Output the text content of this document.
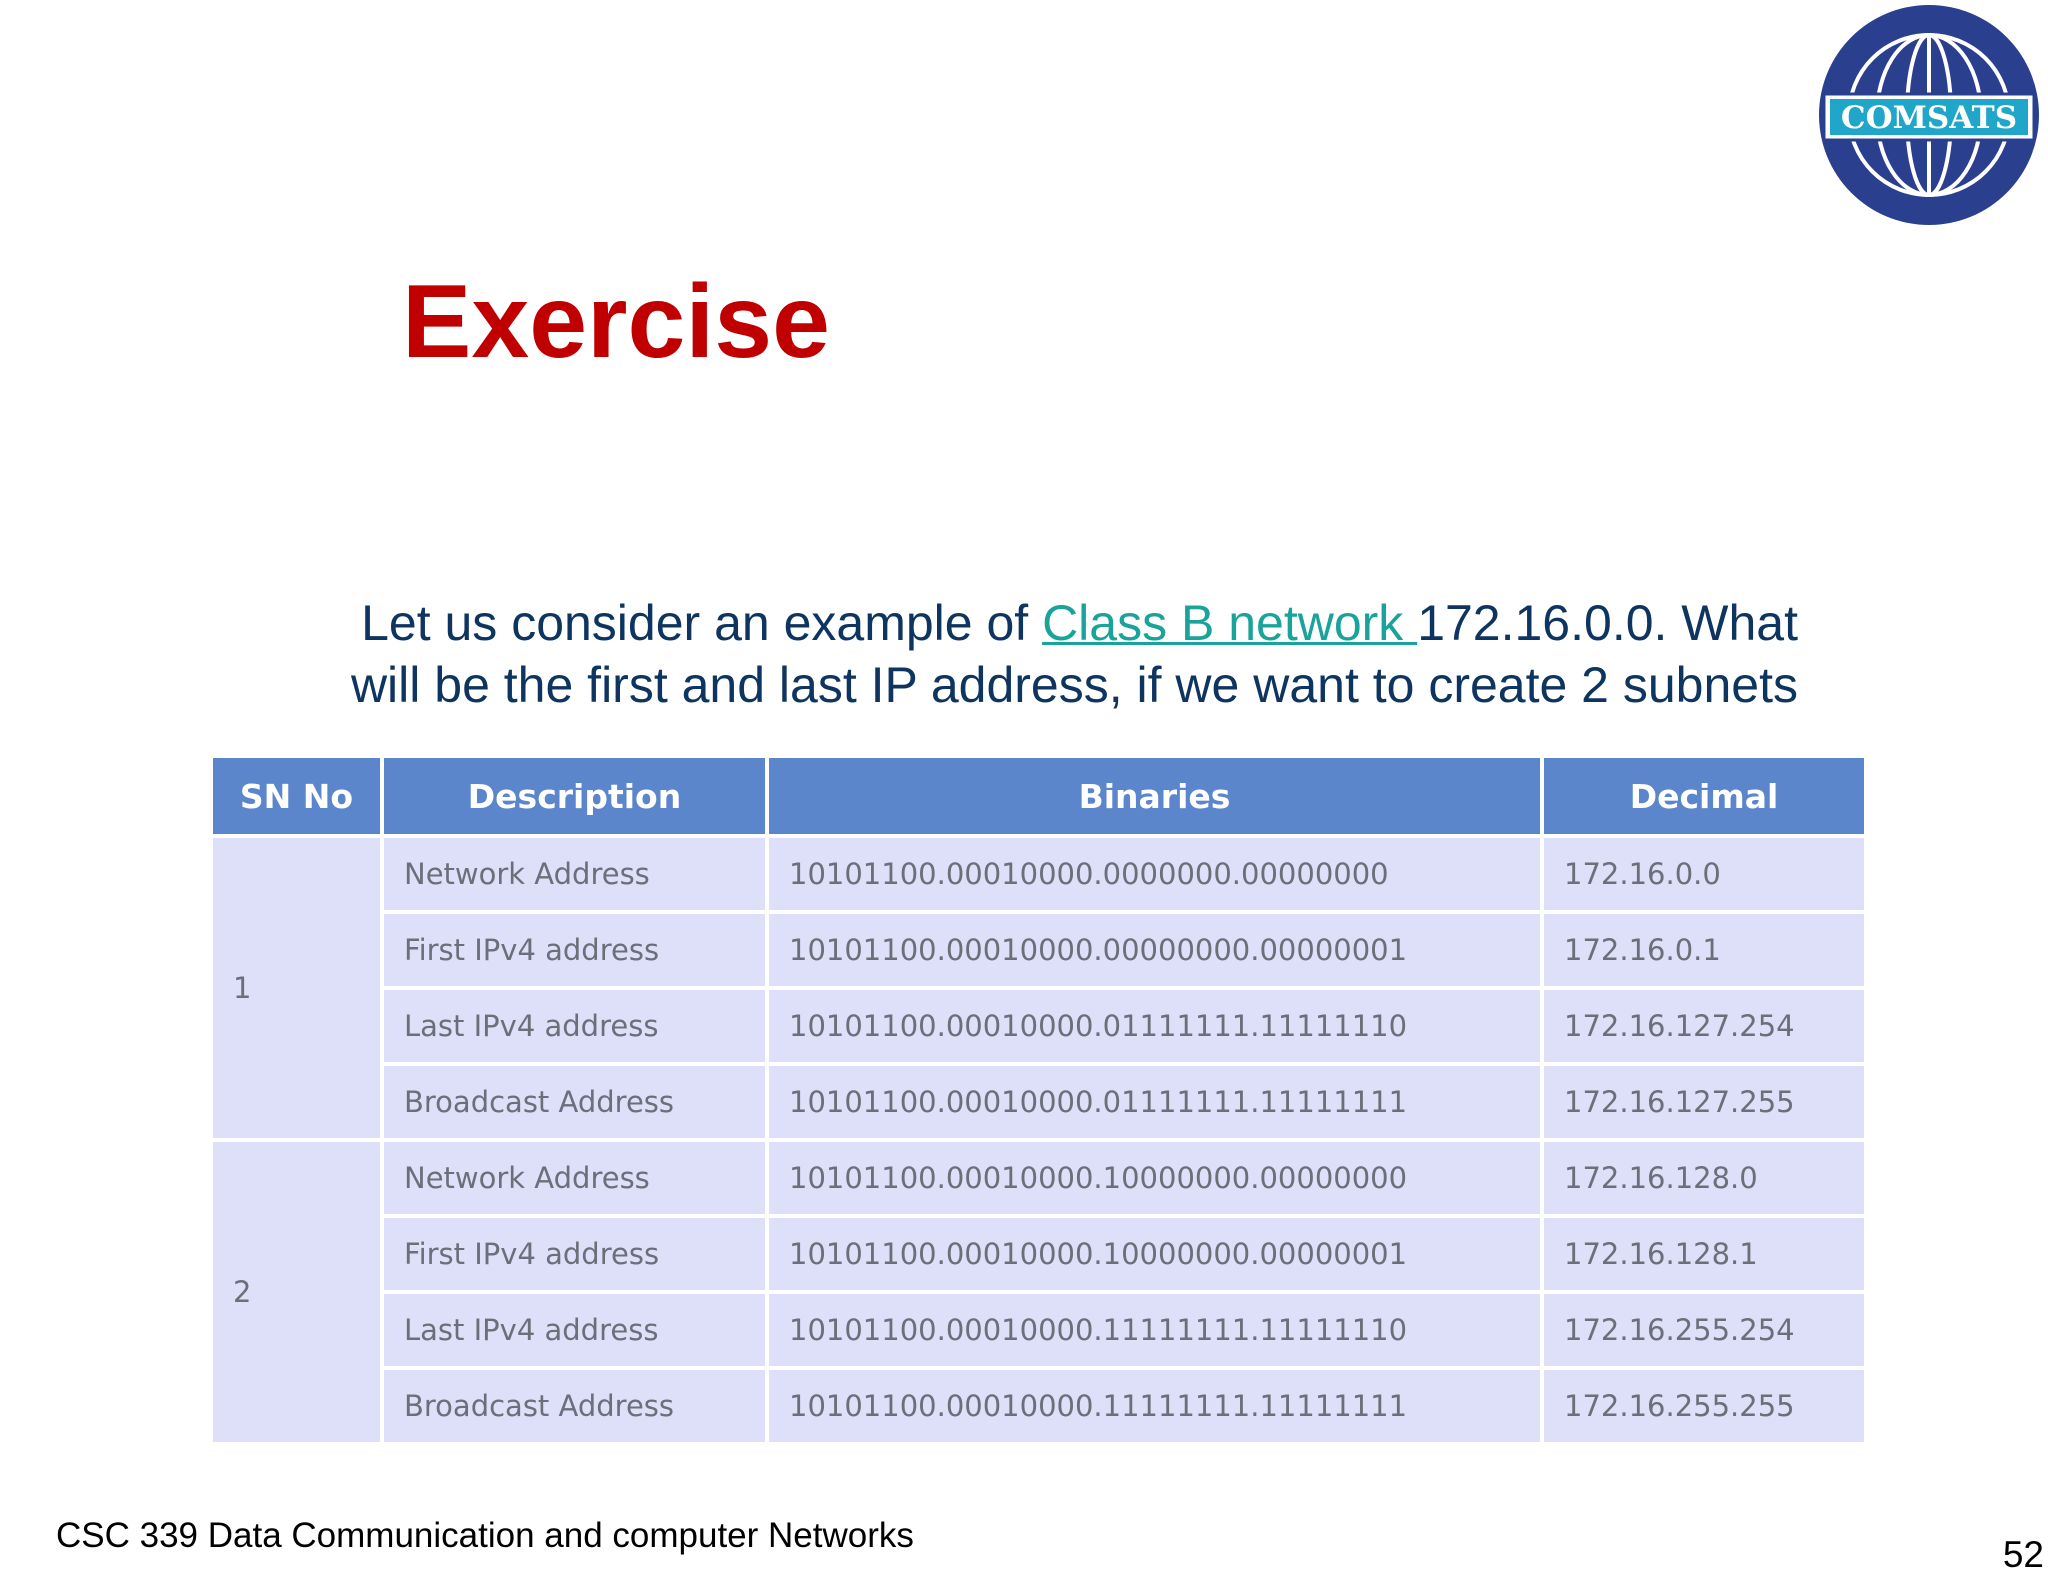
COMSATS
Exercise
Let us consider an example of Class B network 172.16.0.0. What will be the first and last IP address, if we want to create 2 subnets
SN No	Description	Binaries	Decimal
1	Network Address	10101100.00010000.0000000.00000000	172.16.0.0
	First IPv4 address	10101100.00010000.00000000.00000001	172.16.0.1
	Last IPv4 address	10101100.00010000.01111111.11111110	172.16.127.254
	Broadcast Address	10101100.00010000.01111111.11111111	172.16.127.255
2	Network Address	10101100.00010000.10000000.00000000	172.16.128.0
	First IPv4 address	10101100.00010000.10000000.00000001	172.16.128.1
	Last IPv4 address	10101100.00010000.11111111.11111110	172.16.255.254
	Broadcast Address	10101100.00010000.11111111.11111111	172.16.255.255
CSC 339 Data Communication and computer Networks	52
